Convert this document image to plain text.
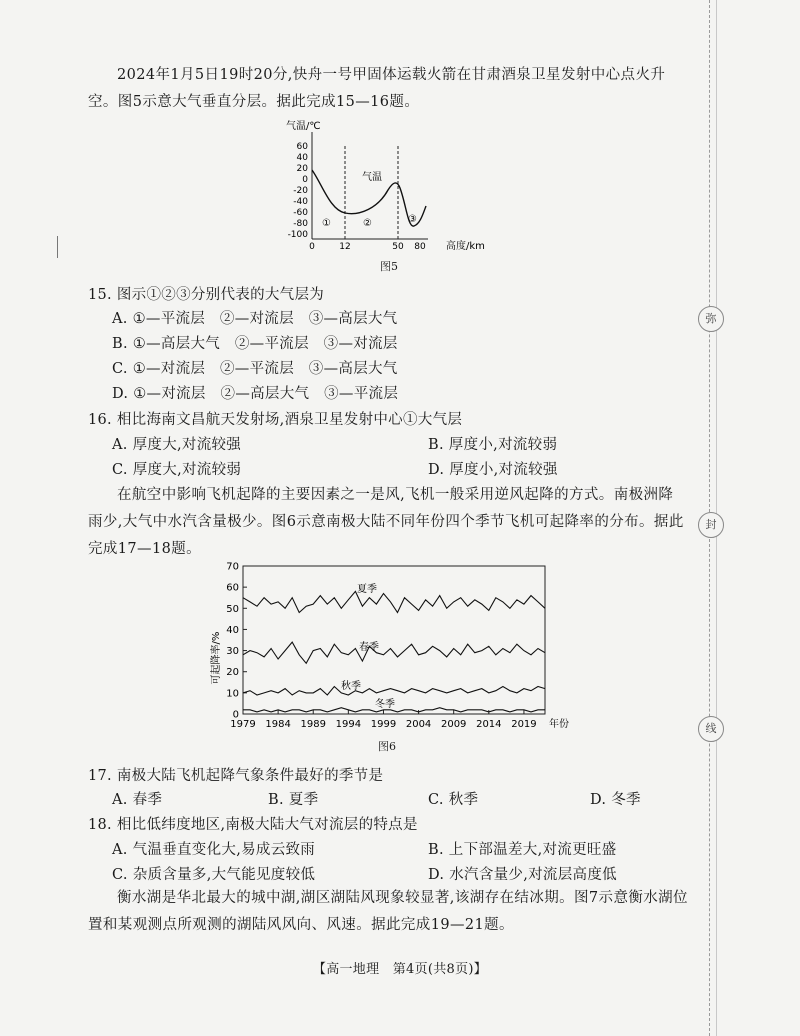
弥
封
线

2024年1月5日19时20分,快舟一号甲固体运载火箭在甘肃酒泉卫星发射中心点火升空。图5示意大气垂直分层。据此完成15—16题。

气温/℃
60
40
20
0
-20
-40
-60
-80
-100
气温
①	②	③
0	12	50 80 高度/km
图5
15. 图示①②③分别代表的大气层为
A. ①—平流层　②—对流层　③—高层大气
B. ①—高层大气　②—平流层　③—对流层
C. ①—对流层　②—平流层　③—高层大气
D. ①—对流层　②—高层大气　③—平流层
16. 相比海南文昌航天发射场,酒泉卫星发射中心①大气层
A. 厚度大,对流较强	B. 厚度小,对流较弱
C. 厚度大,对流较弱	D. 厚度小,对流较强

在航空中影响飞机起降的主要因素之一是风,飞机一般采用逆风起降的方式。南极洲降雨少,大气中水汽含量极少。图6示意南极大陆不同年份四个季节飞机可起降率的分布。据此完成17—18题。

可起降率/%
0
10
20
30
40
50
60
70
1979 1984 1989 1994 1999 2004 2009 2014 2019
夏季
春季
秋季
冬季
年份
图6
17. 南极大陆飞机起降气象条件最好的季节是
A. 春季	B. 夏季	C. 秋季	D. 冬季
18. 相比低纬度地区,南极大陆大气对流层的特点是
A. 气温垂直变化大,易成云致雨	B. 上下部温差大,对流更旺盛
C. 杂质含量多,大气能见度较低	D. 水汽含量少,对流层高度低

衡水湖是华北最大的城中湖,湖区湖陆风现象较显著,该湖存在结冰期。图7示意衡水湖位置和某观测点所观测的湖陆风风向、风速。据此完成19—21题。

【高一地理　第4页(共8页)】
